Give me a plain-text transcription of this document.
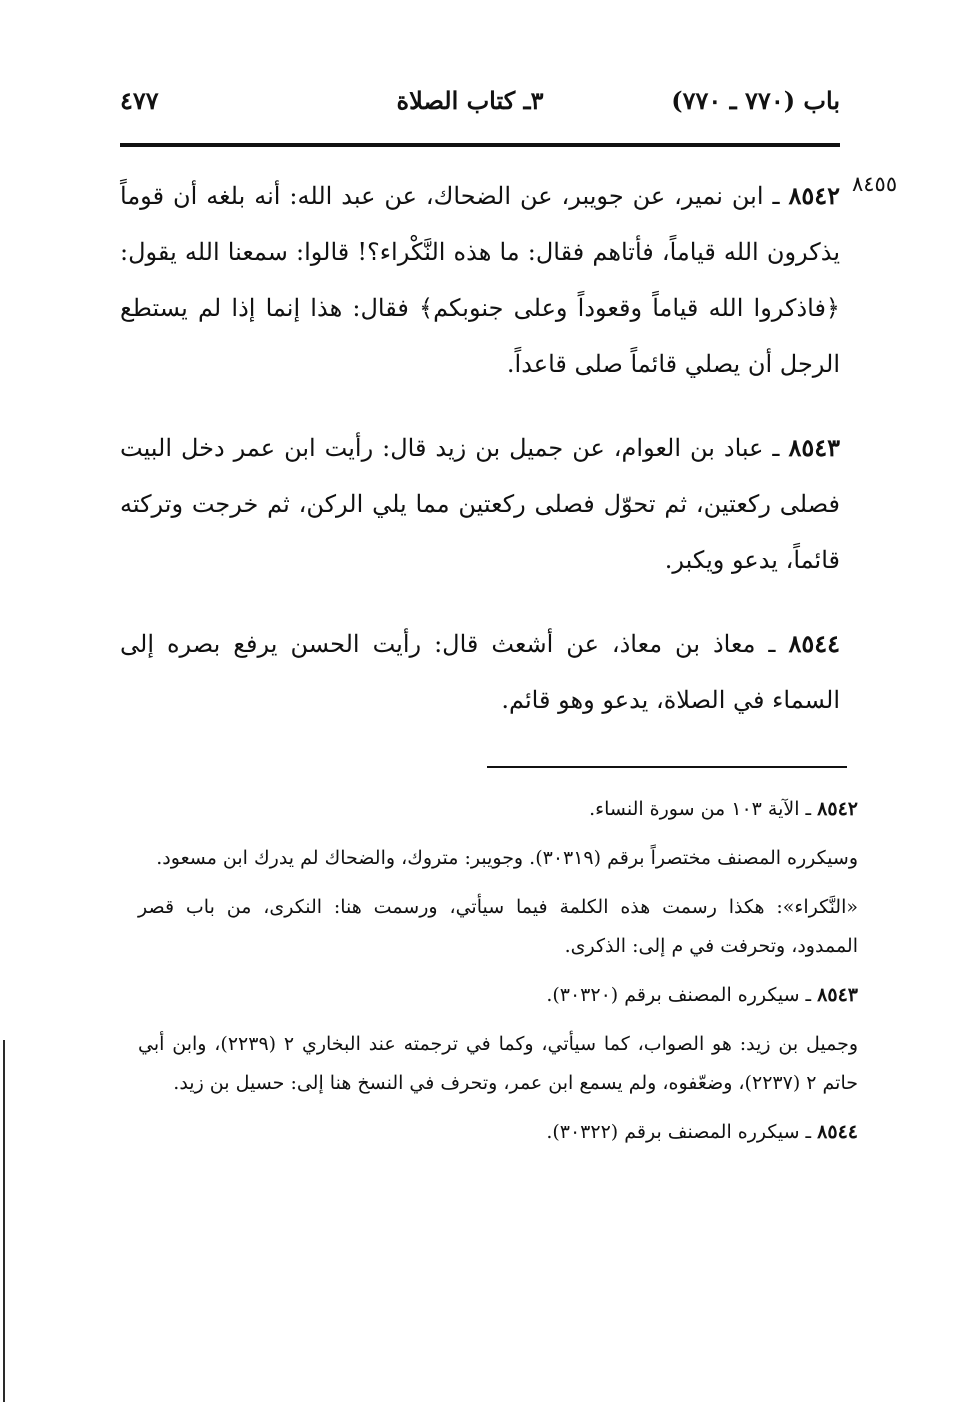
باب (٧٧٠ ـ ٧٧٠)
٣ـ كتاب الصلاة
٤٧٧
٨٤٥٥

٨٥٤٢ ـ ابن نمير، عن جويبر، عن الضحاك، عن عبد الله: أنه بلغه أن قوماً يذكرون الله قياماً، فأتاهم فقال: ما هذه النَّكْراء؟! قالوا: سمعنا الله يقول: ﴿فاذكروا الله قياماً وقعوداً وعلى جنوبكم﴾ فقال: هذا إنما إذا لم يستطع الرجل أن يصلي قائماً صلى قاعداً.

٨٥٤٣ ـ عباد بن العوام، عن جميل بن زيد قال: رأيت ابن عمر دخل البيت فصلى ركعتين، ثم تحوّل فصلى ركعتين مما يلي الركن، ثم خرجت وتركته قائماً، يدعو ويكبر.

٨٥٤٤ ـ معاذ بن معاذ، عن أشعث قال: رأيت الحسن يرفع بصره إلى السماء في الصلاة، يدعو وهو قائم.

٨٥٤٢ ـ الآية ١٠٣ من سورة النساء.

وسيكرره المصنف مختصراً برقم (٣٠٣١٩). وجويبر: متروك، والضحاك لم يدرك ابن مسعود.

«النَّكراء»: هكذا رسمت هذه الكلمة فيما سيأتي، ورسمت هنا: النكرى، من باب قصر الممدود، وتحرفت في م إلى: الذكرى.

٨٥٤٣ ـ سيكرره المصنف برقم (٣٠٣٢٠).

وجميل بن زيد: هو الصواب، كما سيأتي، وكما في ترجمته عند البخاري ٢ (٢٢٣٩)، وابن أبي حاتم ٢ (٢٢٣٧)، وضعّفوه، ولم يسمع ابن عمر، وتحرف في النسخ هنا إلى: حسيل بن زيد.

٨٥٤٤ ـ سيكرره المصنف برقم (٣٠٣٢٢).
